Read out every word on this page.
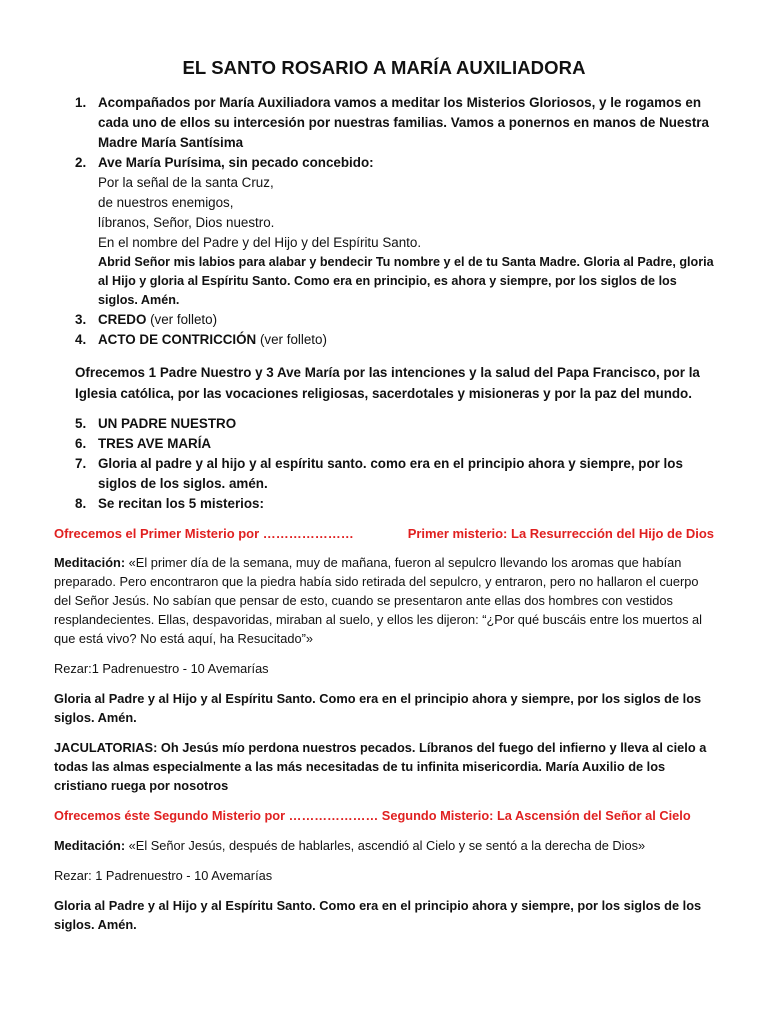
EL SANTO ROSARIO A MARÍA AUXILIADORA
1. Acompañados por María Auxiliadora vamos a meditar los Misterios Gloriosos, y le rogamos en cada uno de ellos su intercesión por nuestras familias. Vamos a ponernos en manos de Nuestra Madre María Santísima
2. Ave María Purísima, sin pecado concebido:
Por la señal de la santa Cruz,
de nuestros enemigos,
líbranos, Señor, Dios nuestro.
En el nombre del Padre y del Hijo y del Espíritu Santo.
Abrid Señor mis labios para alabar y bendecir Tu nombre y el de tu Santa Madre. Gloria al Padre, gloria al Hijo y gloria al Espíritu Santo. Como era en principio, es ahora y siempre, por los siglos de los siglos. Amén.
3. CREDO (ver folleto)
4. ACTO DE CONTRICCIÓN (ver folleto)

Ofrecemos 1 Padre Nuestro y 3 Ave María por las intenciones y la salud del Papa Francisco, por la Iglesia católica, por las vocaciones religiosas, sacerdotales y misioneras y por la paz del mundo.

5. UN PADRE NUESTRO
6. TRES AVE MARÍA
7. Gloria al padre y al hijo y al espíritu santo. como era en el principio ahora y siempre, por los siglos de los siglos. amén.
8. Se recitan los 5 misterios:
Ofrecemos el Primer Misterio por …………………	Primer misterio: La Resurrección del Hijo de Dios

Meditación: «El primer día de la semana, muy de mañana, fueron al sepulcro llevando los aromas que habían preparado. Pero encontraron que la piedra había sido retirada del sepulcro, y entraron, pero no hallaron el cuerpo del Señor Jesús. No sabían que pensar de esto, cuando se presentaron ante ellas dos hombres con vestidos resplandecientes. Ellas, despavoridas, miraban al suelo, y ellos les dijeron: “¿Por qué buscáis entre los muertos al que está vivo? No está aquí, ha Resucitado”»

Rezar:1 Padrenuestro - 10 Avemarías

Gloria al Padre y al Hijo y al Espíritu Santo. Como era en el principio ahora y siempre, por los siglos de los siglos. Amén.

JACULATORIAS: Oh Jesús mío perdona nuestros pecados. Líbranos del fuego del infierno y lleva al cielo a todas las almas especialmente a las más necesitadas de tu infinita misericordia. María Auxilio de los cristiano ruega por nosotros

Ofrecemos éste Segundo Misterio por ………………… Segundo Misterio: La Ascensión del Señor al Cielo

Meditación: «El Señor Jesús, después de hablarles, ascendió al Cielo y se sentó a la derecha de Dios»

Rezar: 1 Padrenuestro - 10 Avemarías

Gloria al Padre y al Hijo y al Espíritu Santo. Como era en el principio ahora y siempre, por los siglos de los siglos. Amén.
